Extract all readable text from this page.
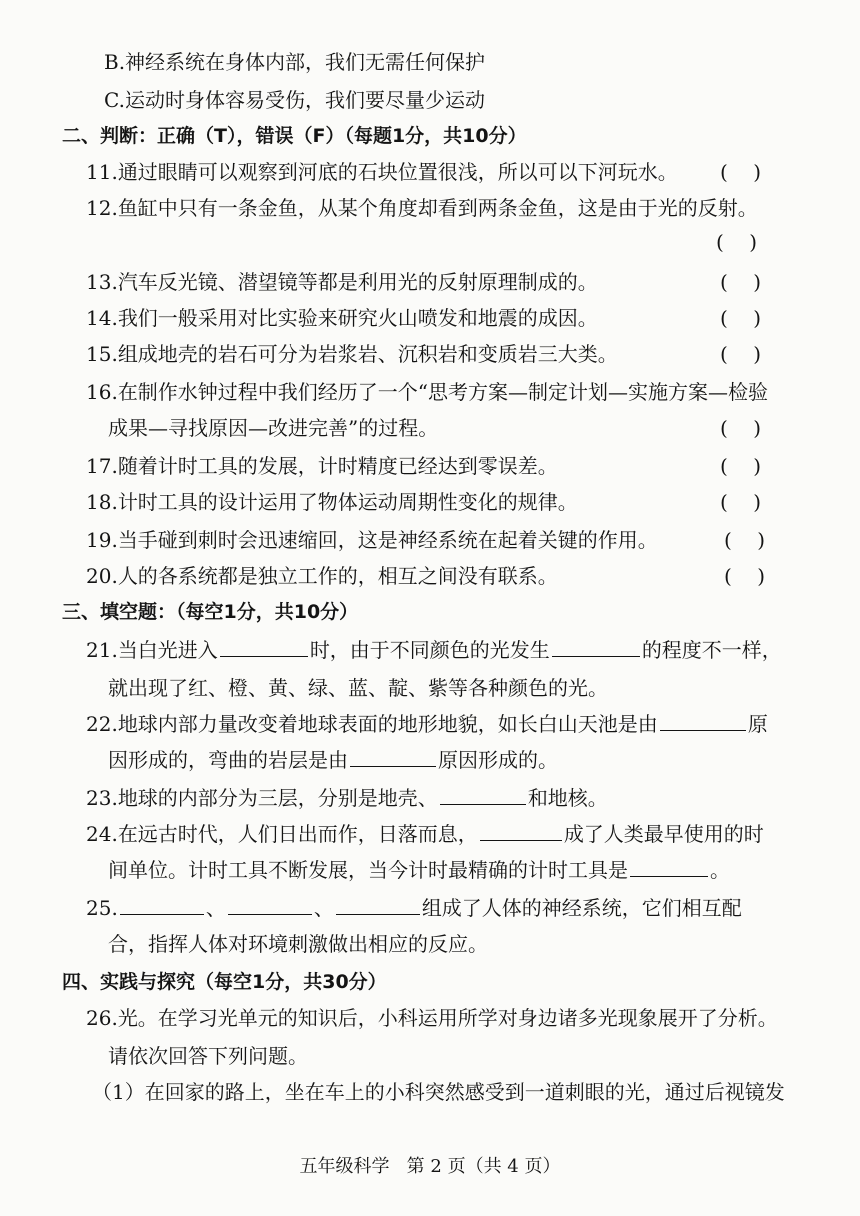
B.神经系统在身体内部，我们无需任何保护
C.运动时身体容易受伤，我们要尽量少运动
二、判断：正确（T），错误（F）（每题1分，共10分）
11.通过眼睛可以观察到河底的石块位置很浅，所以可以下河玩水。 (    )
12.鱼缸中只有一条金鱼，从某个角度却看到两条金鱼，这是由于光的反射。
(    )
13.汽车反光镜、潜望镜等都是利用光的反射原理制成的。	(    )
14.我们一般采用对比实验来研究火山喷发和地震的成因。	(    )
15.组成地壳的岩石可分为岩浆岩、沉积岩和变质岩三大类。	(    )
16.在制作水钟过程中我们经历了一个“思考方案—制定计划—实施方案—检验
成果—寻找原因—改进完善”的过程。	(    )
17.随着计时工具的发展，计时精度已经达到零误差。	(    )
18.计时工具的设计运用了物体运动周期性变化的规律。	(    )
19.当手碰到刺时会迅速缩回，这是神经系统在起着关键的作用。	(    )
20.人的各系统都是独立工作的，相互之间没有联系。	(    )
三、填空题：（每空1分，共10分）
21.当白光进入	时，由于不同颜色的光发生	的程度不一样，
就出现了红、橙、黄、绿、蓝、靛、紫等各种颜色的光。
22.地球内部力量改变着地球表面的地形地貌，如长白山天池是由	原
因形成的，弯曲的岩层是由	原因形成的。
23.地球的内部分为三层，分别是地壳、	和地核。
24.在远古时代，人们日出而作，日落而息，	成了人类最早使用的时
间单位。计时工具不断发展，当今计时最精确的计时工具是	。
25.	、	、	组成了人体的神经系统，它们相互配
合，指挥人体对环境刺激做出相应的反应。
四、实践与探究（每空1分，共30分）
26.光。在学习光单元的知识后，小科运用所学对身边诸多光现象展开了分析。
请依次回答下列问题。
（1）在回家的路上，坐在车上的小科突然感受到一道刺眼的光，通过后视镜发
五年级科学   第 2 页（共 4 页）
